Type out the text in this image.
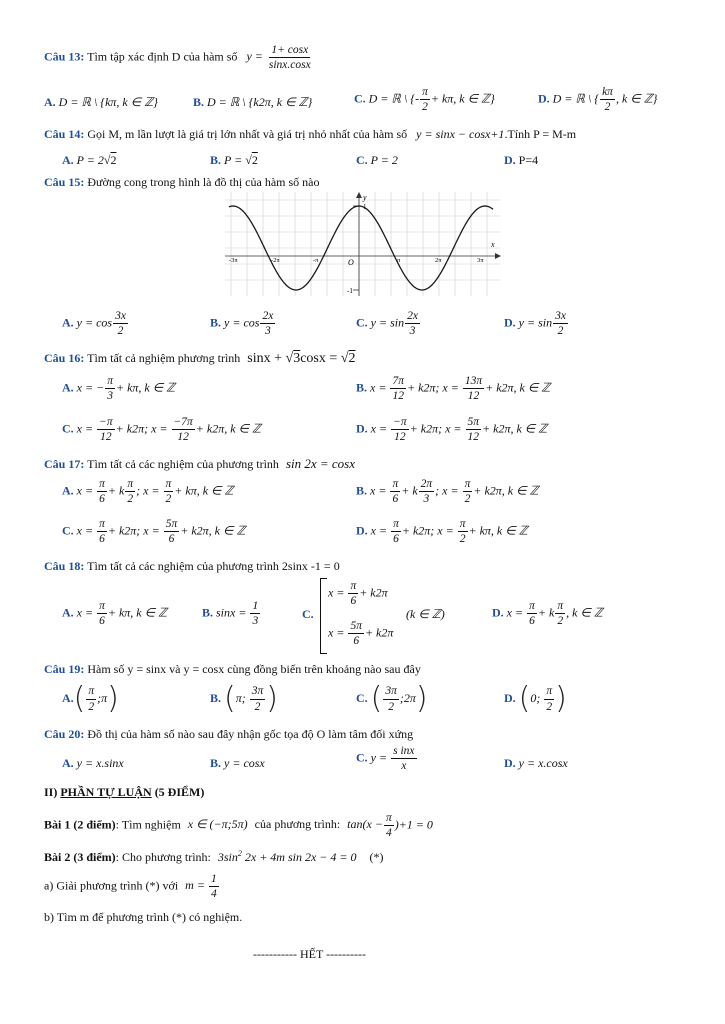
Câu 13: Tìm tập xác định D của hàm số $y = \frac{1+ \cos x}{\sin x.\cos x}$
A. D = ℝ \ {kπ, k ∈ ℤ}	B. D = ℝ \ {k2π, k ∈ ℤ}	C. D = ℝ \ {- $\frac{\pi}{2} + k\pi$, k ∈ ℤ}	D. D = ℝ \ { $\frac{k\pi}{2}$ , k ∈ ℤ}
Câu 14: Gọi M, m lần lượt là giá trị lớn nhất và giá trị nhỏ nhất của hàm số y = sinx − cosx+1.Tính P = M-m
A. P = 2√2	B. P = √2	C. P = 2	D. P=4
Câu 15: Đường cong trong hình là đồ thị của hàm số nào
y
x
O
1
-1
-3π	-2π	-π	π	2π	3π
A. $y = \cos \frac{3x}{2}$	B. $y = \cos \frac{2x}{3}$	C. $y = \sin \frac{2x}{3}$	D. $y = \sin \frac{3x}{2}$
Câu 16: Tìm tất cả nghiệm phương trình sinx + √3cosx = √2
A. x = − $\frac{\pi}{3} + k\pi$, k ∈ ℤ	B. $x = \frac{7\pi}{12} + k2\pi$; $x = \frac{13\pi}{12} + k2\pi$, k ∈ ℤ
C. $x = \frac{-\pi}{12} + k2\pi$; $x = \frac{-7\pi}{12} + k2\pi$, k ∈ ℤ	D. $x = \frac{-\pi}{12} + k2\pi$; $x = \frac{5\pi}{12} + k2\pi$, k ∈ ℤ
Câu 17: Tìm tất cả các nghiệm của phương trình sin 2x = cosx
A. $x = \frac{\pi}{6} + k \frac{\pi}{2}$ ; $x = \frac{\pi}{2} + k\pi$, k ∈ ℤ	B. $x = \frac{\pi}{6} + k \frac{2\pi}{3}$ ; $x = \frac{\pi}{2} + k2\pi$, k ∈ ℤ
C. $x = \frac{\pi}{6} + k2\pi$; $x = \frac{5\pi}{6} + k2\pi$, k ∈ ℤ	D. $x = \frac{\pi}{6} + k2\pi$; $x = \frac{\pi}{2} + k\pi$, k ∈ ℤ
Câu 18: Tìm tất cả các nghiệm của phương trình 2sinx -1 = 0
A. $x = \frac{\pi}{6} + k\pi$, k ∈ ℤ	B. $\sin x = \frac{1}{3}$	C.
$x = \frac{\pi}{6} + k2\pi$
(k ∈ ℤ)
$x = \frac{5\pi}{6} + k2\pi$
D. $x = \frac{\pi}{6} + k \frac{\pi}{2}$ , k ∈ ℤ
Câu 19: Hàm số y = sinx và y = cosx cùng đồng biến trên khoảng nào sau đây
$A.( \frac{\pi}{2}$ ;π)	B. (π; $\frac{3\pi}{2}$ )	C. ( $\frac{3\pi}{2}$ ;2π)	D. (0; $\frac{\pi}{2}$ )
Câu 20: Đồ thị của hàm số nào sau đây nhận gốc tọa độ O làm tâm đối xứng
A. y = x.sinx	B. y = cosx	C. $y = \frac{\text{s inx}}{x}$	D. y = x.cosx
II) PHẦN TỰ LUẬN (5 ĐIỂM)
Bài 1 (2 điểm): Tìm nghiệm x ∈ (−π;5π) của phương trình: $\tan(x - \frac{\pi}{4} )+1 = 0$
Bài 2 (3 điểm): Cho phương trình: $3\sin^2$ 2x + 4m sin 2x − 4 = 0 (*)
a) Giải phương trình (*) với $m = \frac{1}{4}$
b) Tìm m để phương trình (*) có nghiệm.
----------- HẾT ----------
